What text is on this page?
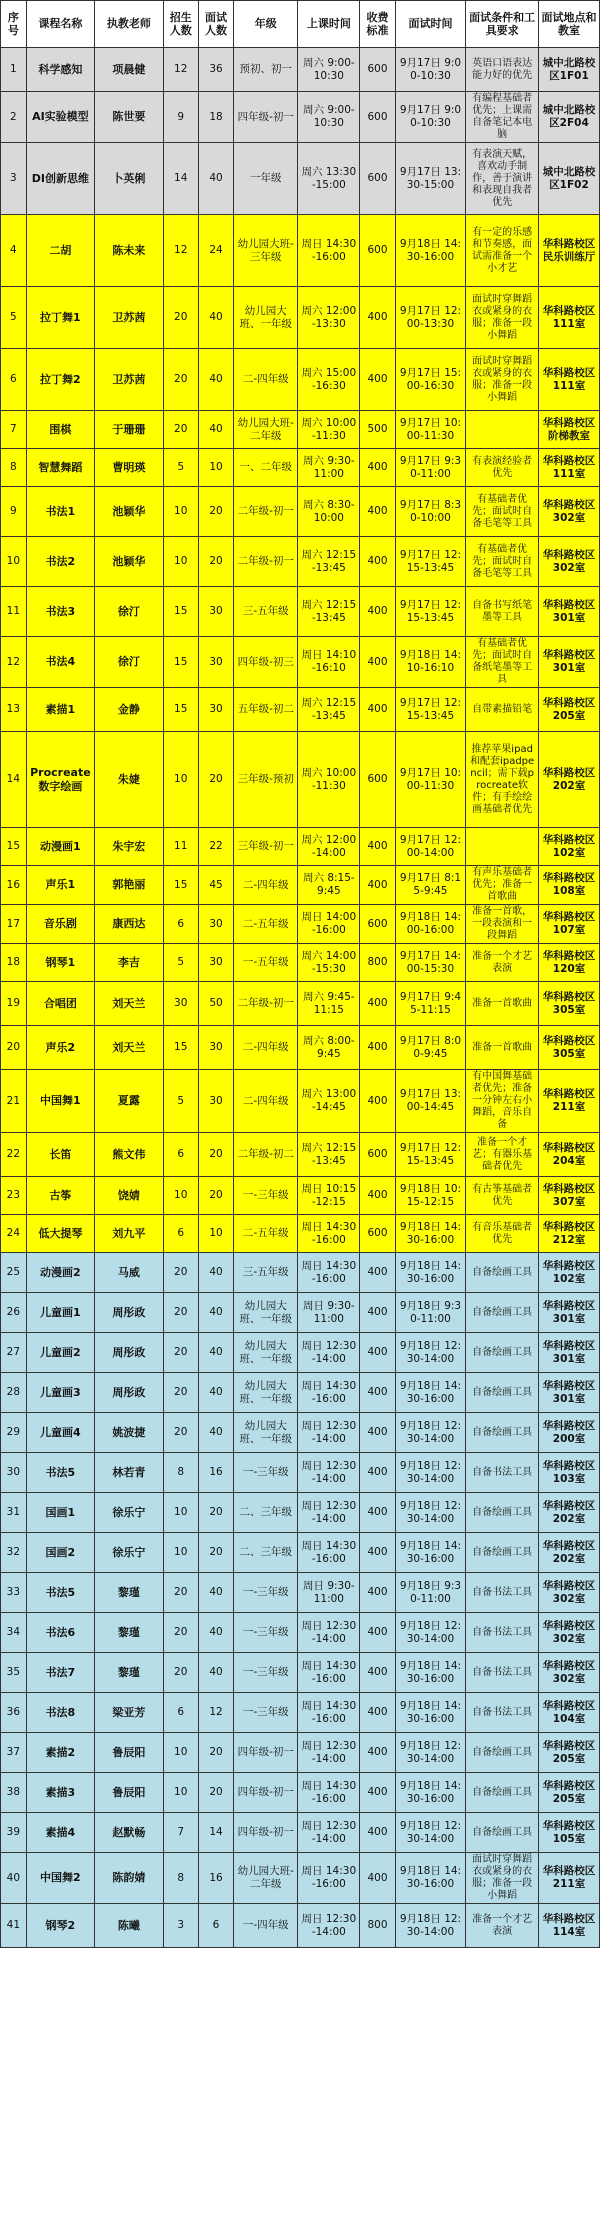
序号	课程名称	执教老师	招生人数	面试人数	年级	上课时间	收费标准	面试时间	面试条件和工具要求	面试地点和教室
1	科学感知	项晨健	12	36	预初、初一	周六 9:00-10:30	600	9月17日 9:00-10:30	英语口语表达能力好的优先	城中北路校区1F01
2	AI实验模型	陈世要	9	18	四年级-初一	周六 9:00-10:30	600	9月17日 9:00-10:30	有编程基础者优先；上课需自备笔记本电脑	城中北路校区2F04
3	DI创新思维	卜英俐	14	40	一年级	周六 13:30-15:00	600	9月17日 13:30-15:00	有表演天赋，喜欢动手制作，善于演讲和表现自我者优先	城中北路校区1F02
4	二胡	陈未来	12	24	幼儿园大班-三年级	周日 14:30-16:00	600	9月18日 14:30-16:00	有一定的乐感和节奏感，面试需准备一个小才艺	华科路校区民乐训练厅
5	拉丁舞1	卫苏茜	20	40	幼儿园大班、一年级	周六 12:00-13:30	400	9月17日 12:00-13:30	面试时穿舞蹈衣或紧身的衣服；准备一段小舞蹈	华科路校区111室
6	拉丁舞2	卫苏茜	20	40	二-四年级	周六 15:00-16:30	400	9月17日 15:00-16:30	面试时穿舞蹈衣或紧身的衣服；准备一段小舞蹈	华科路校区111室
7	围棋	于珊珊	20	40	幼儿园大班-二年级	周六 10:00-11:30	500	9月17日 10:00-11:30		华科路校区阶梯教室
8	智慧舞蹈	曹明瑛	5	10	一、二年级	周六 9:30-11:00	400	9月17日 9:30-11:00	有表演经验者优先	华科路校区111室
9	书法1	池颖华	10	20	二年级-初一	周六 8:30-10:00	400	9月17日 8:30-10:00	有基础者优先；面试时自备毛笔等工具	华科路校区302室
10	书法2	池颖华	10	20	二年级-初一	周六 12:15-13:45	400	9月17日 12:15-13:45	有基础者优先；面试时自备毛笔等工具	华科路校区302室
11	书法3	徐汀	15	30	三-五年级	周六 12:15-13:45	400	9月17日 12:15-13:45	自备书写纸笔墨等工具	华科路校区301室
12	书法4	徐汀	15	30	四年级-初三	周日 14:10-16:10	400	9月18日 14:10-16:10	有基础者优先；面试时自备纸笔墨等工具	华科路校区301室
13	素描1	金静	15	30	五年级-初二	周六 12:15-13:45	400	9月17日 12:15-13:45	自带素描铅笔	华科路校区205室
14	Procreate数字绘画	朱婕	10	20	三年级-预初	周六 10:00-11:30	600	9月17日 10:00-11:30	推荐苹果ipad和配套ipadpencil；需下载procreate软件；有手绘绘画基础者优先	华科路校区202室
15	动漫画1	朱宇宏	11	22	三年级-初一	周六 12:00-14:00	400	9月17日 12:00-14:00		华科路校区102室
16	声乐1	郭艳丽	15	45	二-四年级	周六 8:15-9:45	400	9月17日 8:15-9:45	有声乐基础者优先；准备一首歌曲	华科路校区108室
17	音乐剧	康西达	6	30	二-五年级	周日 14:00-16:00	600	9月18日 14:00-16:00	准备一首歌，一段表演和一段舞蹈	华科路校区107室
18	钢琴1	李吉	5	30	一-五年级	周六 14:00-15:30	800	9月17日 14:00-15:30	准备一个才艺表演	华科路校区120室
19	合唱团	刘天兰	30	50	二年级-初一	周六 9:45-11:15	400	9月17日 9:45-11:15	准备一首歌曲	华科路校区305室
20	声乐2	刘天兰	15	30	二-四年级	周六 8:00-9:45	400	9月17日 8:00-9:45	准备一首歌曲	华科路校区305室
21	中国舞1	夏露	5	30	二-四年级	周六 13:00-14:45	400	9月17日 13:00-14:45	有中国舞基础者优先；准备一分钟左右小舞蹈，音乐自备	华科路校区211室
22	长笛	熊文伟	6	20	二年级-初二	周六 12:15-13:45	600	9月17日 12:15-13:45	准备一个才艺；有器乐基础者优先	华科路校区204室
23	古筝	饶婧	10	20	一-三年级	周日 10:15-12:15	400	9月18日 10:15-12:15	有古筝基础者优先	华科路校区307室
24	低大提琴	刘九平	6	10	二-五年级	周日 14:30-16:00	600	9月18日 14:30-16:00	有音乐基础者优先	华科路校区212室
25	动漫画2	马威	20	40	三-五年级	周日 14:30-16:00	400	9月18日 14:30-16:00	自备绘画工具	华科路校区102室
26	儿童画1	周彤政	20	40	幼儿园大班、一年级	周日 9:30-11:00	400	9月18日 9:30-11:00	自备绘画工具	华科路校区301室
27	儿童画2	周彤政	20	40	幼儿园大班、一年级	周日 12:30-14:00	400	9月18日 12:30-14:00	自备绘画工具	华科路校区301室
28	儿童画3	周彤政	20	40	幼儿园大班、一年级	周日 14:30-16:00	400	9月18日 14:30-16:00	自备绘画工具	华科路校区301室
29	儿童画4	姚波捷	20	40	幼儿园大班、一年级	周日 12:30-14:00	400	9月18日 12:30-14:00	自备绘画工具	华科路校区200室
30	书法5	林若青	8	16	一-三年级	周日 12:30-14:00	400	9月18日 12:30-14:00	自备书法工具	华科路校区103室
31	国画1	徐乐宁	10	20	二、三年级	周日 12:30-14:00	400	9月18日 12:30-14:00	自备绘画工具	华科路校区202室
32	国画2	徐乐宁	10	20	二、三年级	周日 14:30-16:00	400	9月18日 14:30-16:00	自备绘画工具	华科路校区202室
33	书法5	黎瑾	20	40	一-三年级	周日 9:30-11:00	400	9月18日 9:30-11:00	自备书法工具	华科路校区302室
34	书法6	黎瑾	20	40	一-三年级	周日 12:30-14:00	400	9月18日 12:30-14:00	自备书法工具	华科路校区302室
35	书法7	黎瑾	20	40	一-三年级	周日 14:30-16:00	400	9月18日 14:30-16:00	自备书法工具	华科路校区302室
36	书法8	梁亚芳	6	12	一-三年级	周日 14:30-16:00	400	9月18日 14:30-16:00	自备书法工具	华科路校区104室
37	素描2	鲁辰阳	10	20	四年级-初一	周日 12:30-14:00	400	9月18日 12:30-14:00	自备绘画工具	华科路校区205室
38	素描3	鲁辰阳	10	20	四年级-初一	周日 14:30-16:00	400	9月18日 14:30-16:00	自备绘画工具	华科路校区205室
39	素描4	赵默畅	7	14	四年级-初一	周日 12:30-14:00	400	9月18日 12:30-14:00	自备绘画工具	华科路校区105室
40	中国舞2	陈韵婧	8	16	幼儿园大班-二年级	周日 14:30-16:00	400	9月18日 14:30-16:00	面试时穿舞蹈衣或紧身的衣服；准备一段小舞蹈	华科路校区211室
41	钢琴2	陈曦	3	6	一-四年级	周日 12:30-14:00	800	9月18日 12:30-14:00	准备一个才艺表演	华科路校区114室
